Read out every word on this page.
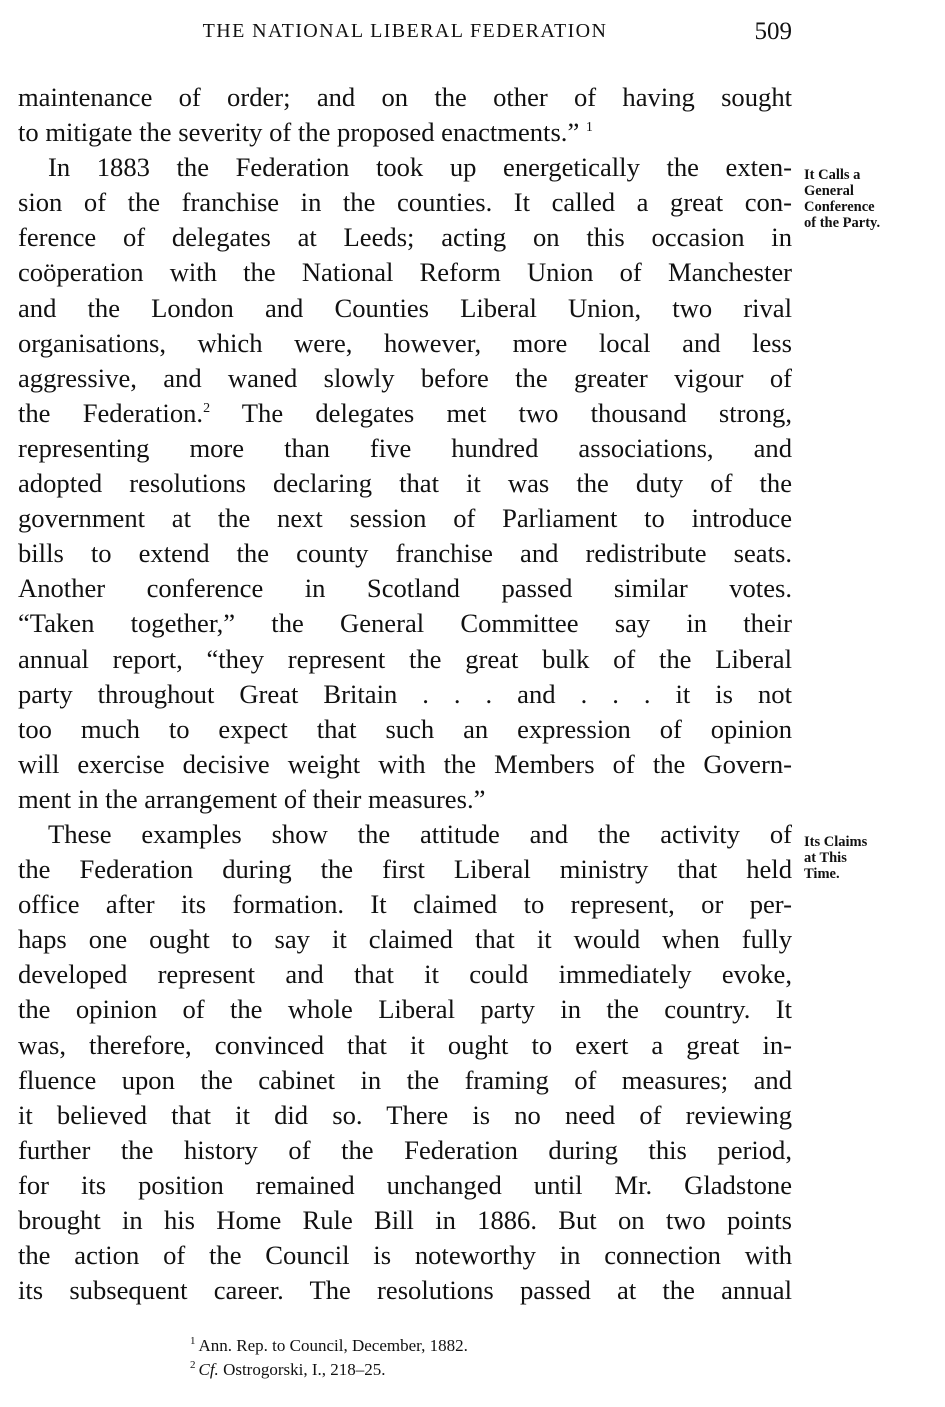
THE NATIONAL LIBERAL FEDERATION	509
maintenance of order; and on the other of having sought
to mitigate the severity of the proposed enactments.” $^1$
In 1883 the Federation took up energetically the exten-
sion of the franchise in the counties. It called a great con-
ference of delegates at Leeds; acting on this occasion in
coöperation with the National Reform Union of Manchester
and the London and Counties Liberal Union, two rival
organisations, which were, however, more local and less
aggressive, and waned slowly before the greater vigour of
the Federation.$^2$ The delegates met two thousand strong,
representing more than five hundred associations, and
adopted resolutions declaring that it was the duty of the
government at the next session of Parliament to introduce
bills to extend the county franchise and redistribute seats.
Another conference in Scotland passed similar votes.
“Taken together,” the General Committee say in their
annual report, “they represent the great bulk of the Liberal
party throughout Great Britain . . . and . . . it is not
too much to expect that such an expression of opinion
will exercise decisive weight with the Members of the Govern-
ment in the arrangement of their measures.”
These examples show the attitude and the activity of
the Federation during the first Liberal ministry that held
office after its formation. It claimed to represent, or per-
haps one ought to say it claimed that it would when fully
developed represent and that it could immediately evoke,
the opinion of the whole Liberal party in the country. It
was, therefore, convinced that it ought to exert a great in-
fluence upon the cabinet in the framing of measures; and
it believed that it did so. There is no need of reviewing
further the history of the Federation during this period,
for its position remained unchanged until Mr. Gladstone
brought in his Home Rule Bill in 1886. But on two points
the action of the Council is noteworthy in connection with
its subsequent career. The resolutions passed at the annual
It Calls a
General
Conference
of the Party.
Its Claims
at This
Time.
$^1$ Ann. Rep. to Council, December, 1882.
$^2$ Cf. Ostrogorski, I., 218–25.
